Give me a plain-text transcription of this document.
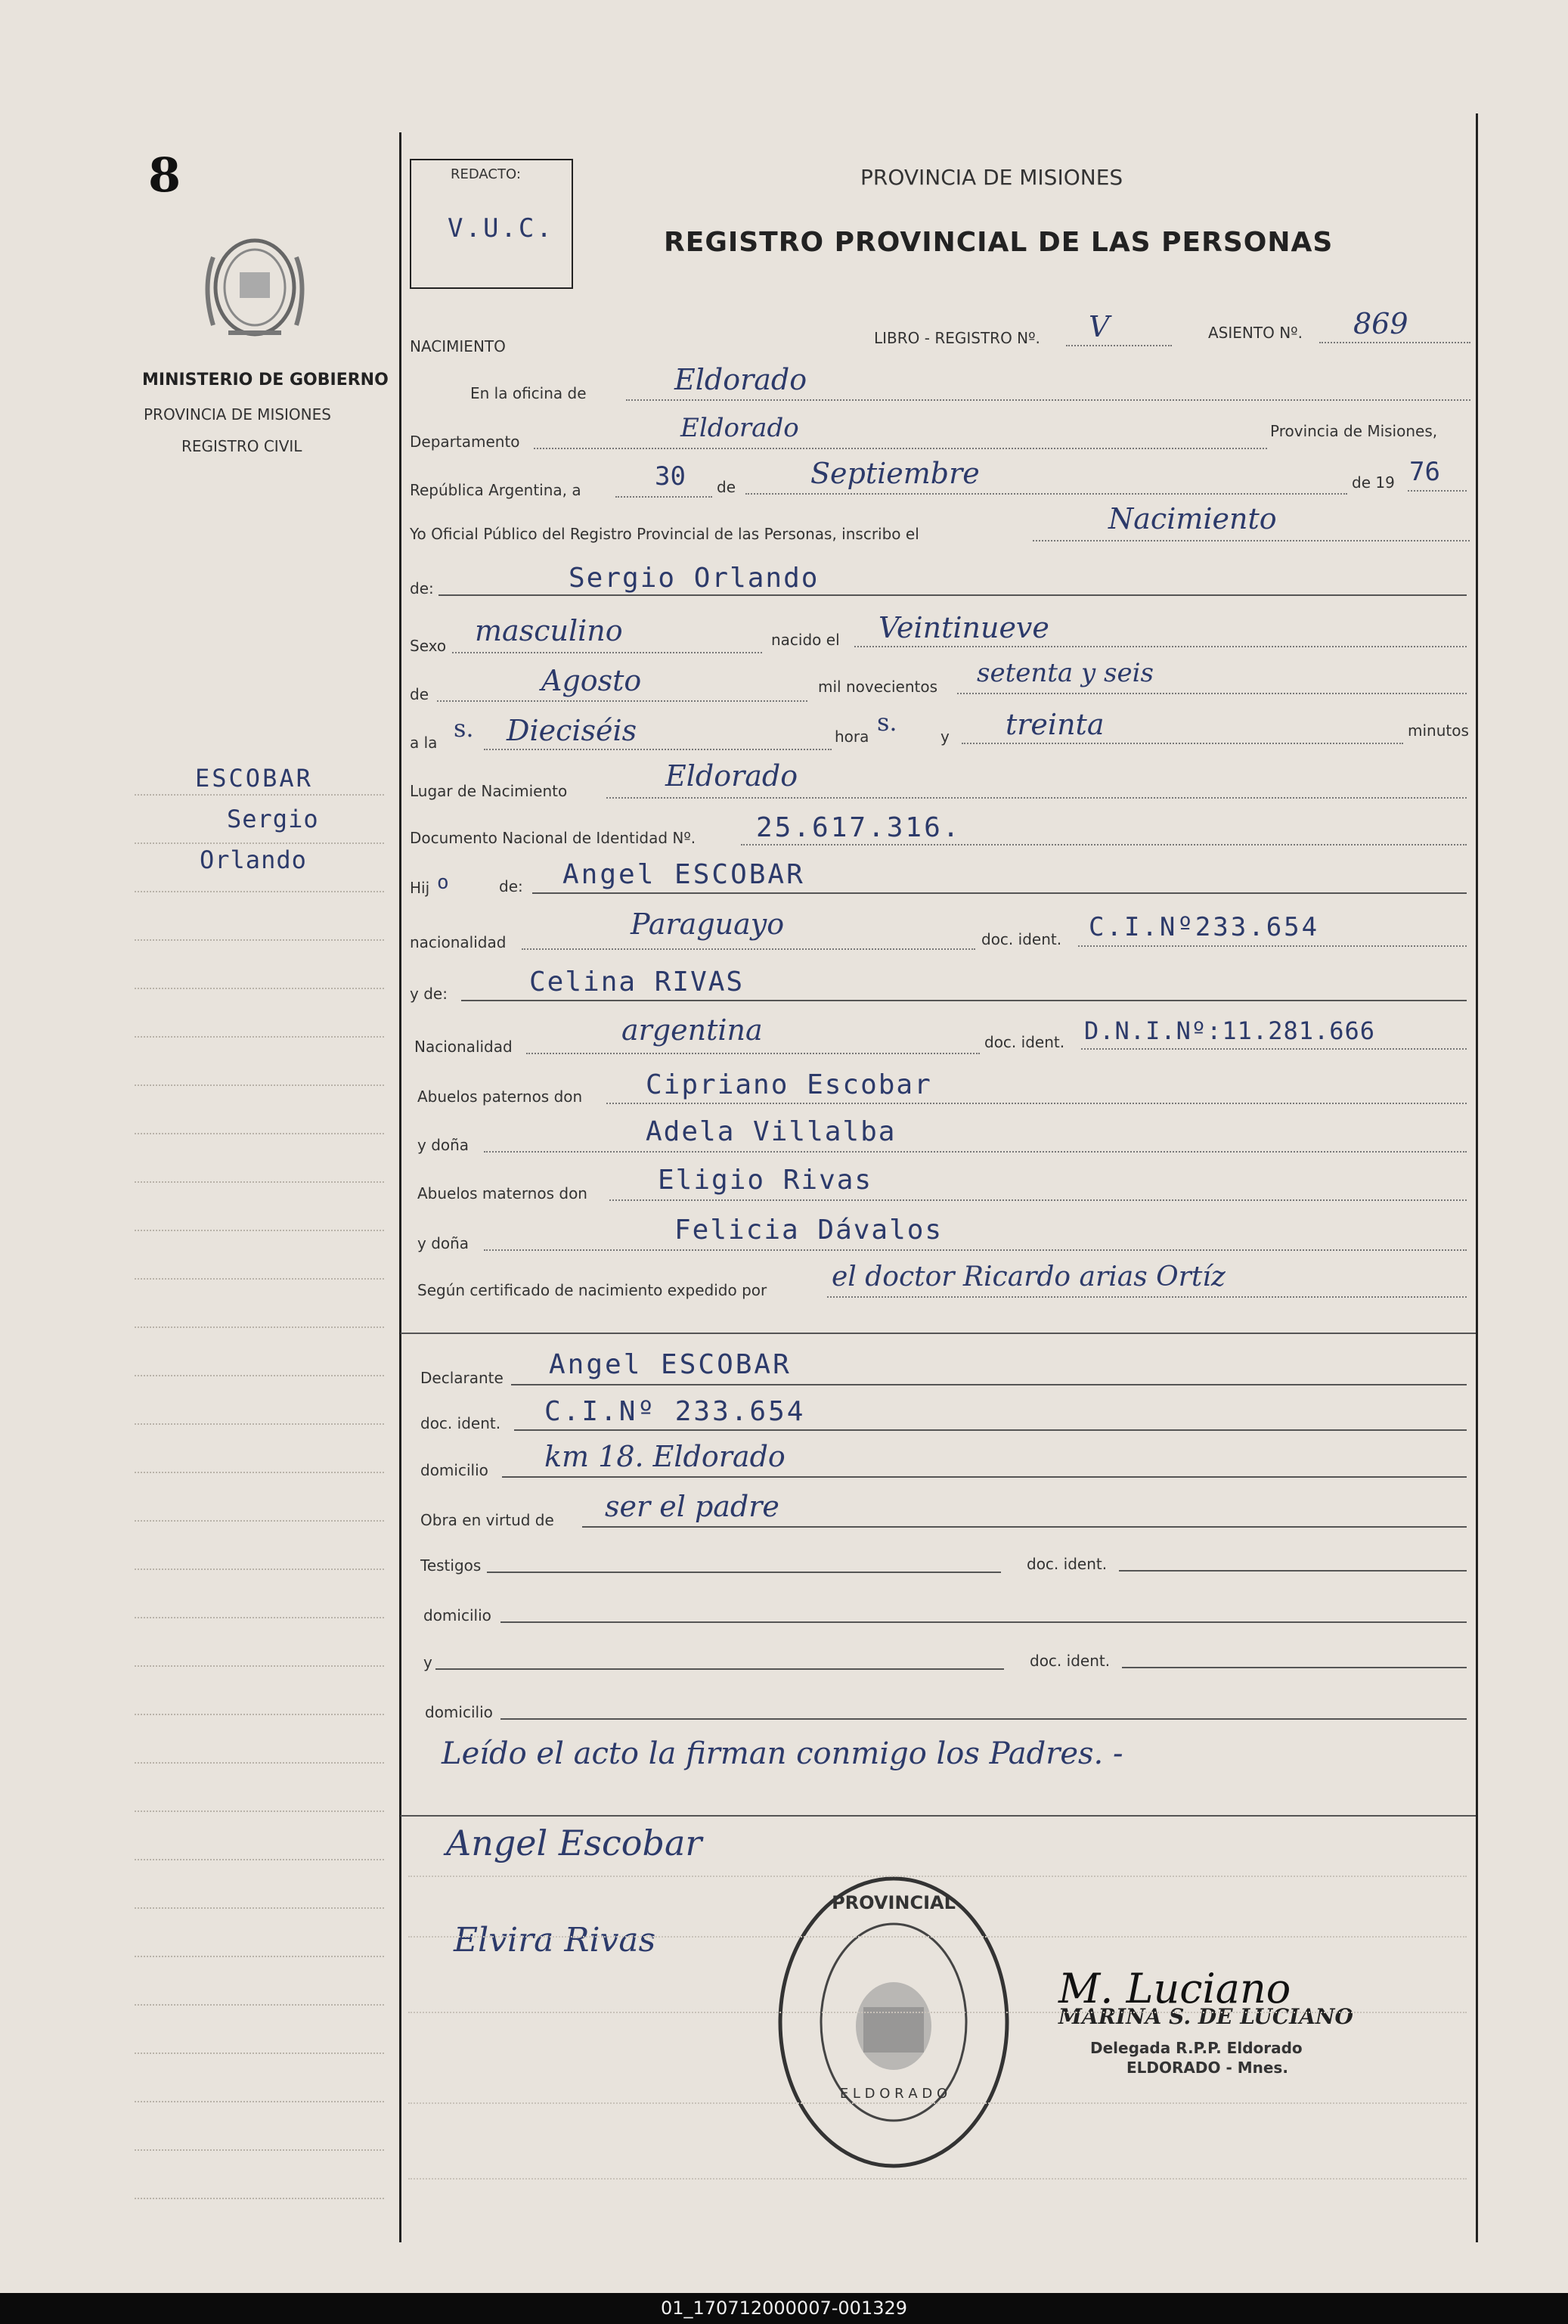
8
MINISTERIO DE GOBIERNO
PROVINCIA DE MISIONES
REGISTRO CIVIL
ESCOBAR
Sergio
Orlando
REDACTO:
V.U.C.
PROVINCIA DE MISIONES
REGISTRO PROVINCIAL DE LAS PERSONAS
NACIMIENTO	LIBRO - REGISTRO Nº. V	ASIENTO Nº. 869
En la oficina de	Eldorado
Departamento	Eldorado	Provincia de Misiones,
República Argentina, a	30 de	Septiembre	de 19 76
Yo Oficial Público del Registro Provincial de las Personas, inscribo el	Nacimiento
de:	Sergio Orlando
Sexo masculino	nacido el Veintinueve
de	Agosto	mil novecientos setenta y seis
a la s. Dieciséis	hora s.	y treinta	minutos
Lugar de Nacimiento	Eldorado
Documento Nacional de Identidad Nº. 25.617.316.
Hij o	de: Angel ESCOBAR
nacionalidad
Paraguayo	doc. ident. C.I.Nº233.654
y de:	Celina RIVAS
Nacionalidad	argentina	doc. ident. D.N.I.Nº:11.281.666
Abuelos paternos don Cipriano Escobar
y doña	Adela Villalba
Abuelos maternos don	Eligio Rivas
y doña	Felicia Dávalos
Según certificado de nacimiento expedido por el doctor Ricardo arias Ortíz
Declarante Angel ESCOBAR
doc. ident. C.I.Nº 233.654
domicilio km 18. Eldorado
Obra en virtud de ser el padre
Testigos	doc. ident.
domicilio
y	doc. ident.
domicilio
Leído el acto la firman conmigo los Padres. -
Angel Escobar
Elvira Rivas
PROVINCIAL
E L D O R A D O
M. Luciano
MARINA S. DE LUCIANO
Delegada R.P.P. Eldorado
ELDORADO - Mnes.
01_170712000007-001329
